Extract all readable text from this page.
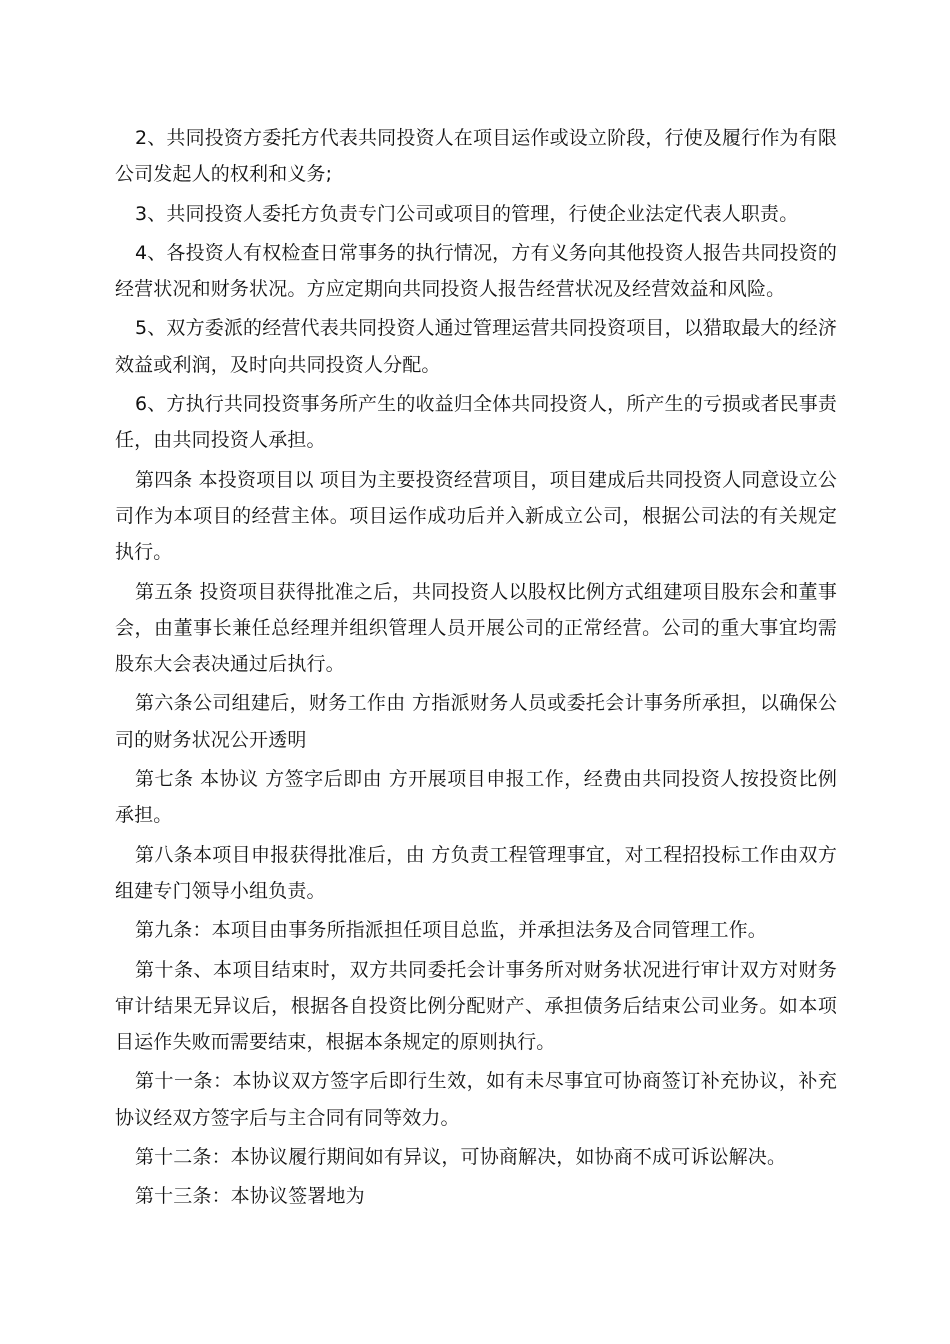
2、共同投资方委托方代表共同投资人在项目运作或设立阶段，行使及履行作为有限公司发起人的权利和义务;

3、共同投资人委托方负责专门公司或项目的管理，行使企业法定代表人职责。

4、各投资人有权检查日常事务的执行情况，方有义务向其他投资人报告共同投资的经营状况和财务状况。方应定期向共同投资人报告经营状况及经营效益和风险。

5、双方委派的经营代表共同投资人通过管理运营共同投资项目，以猎取最大的经济效益或利润，及时向共同投资人分配。

6、方执行共同投资事务所产生的收益归全体共同投资人，所产生的亏损或者民事责任，由共同投资人承担。

第四条 本投资项目以 项目为主要投资经营项目，项目建成后共同投资人同意设立公司作为本项目的经营主体。项目运作成功后并入新成立公司，根据公司法的有关规定执行。

第五条 投资项目获得批准之后，共同投资人以股权比例方式组建项目股东会和董事会，由董事长兼任总经理并组织管理人员开展公司的正常经营。公司的重大事宜均需股东大会表决通过后执行。

第六条公司组建后，财务工作由 方指派财务人员或委托会计事务所承担，以确保公司的财务状况公开透明

第七条 本协议 方签字后即由 方开展项目申报工作，经费由共同投资人按投资比例承担。

第八条本项目申报获得批准后，由 方负责工程管理事宜，对工程招投标工作由双方组建专门领导小组负责。

第九条：本项目由事务所指派担任项目总监，并承担法务及合同管理工作。

第十条、本项目结束时，双方共同委托会计事务所对财务状况进行审计双方对财务审计结果无异议后，根据各自投资比例分配财产、承担债务后结束公司业务。如本项目运作失败而需要结束，根据本条规定的原则执行。

第十一条：本协议双方签字后即行生效，如有未尽事宜可协商签订补充协议，补充协议经双方签字后与主合同有同等效力。

第十二条：本协议履行期间如有异议，可协商解决，如协商不成可诉讼解决。

第十三条：本协议签署地为
